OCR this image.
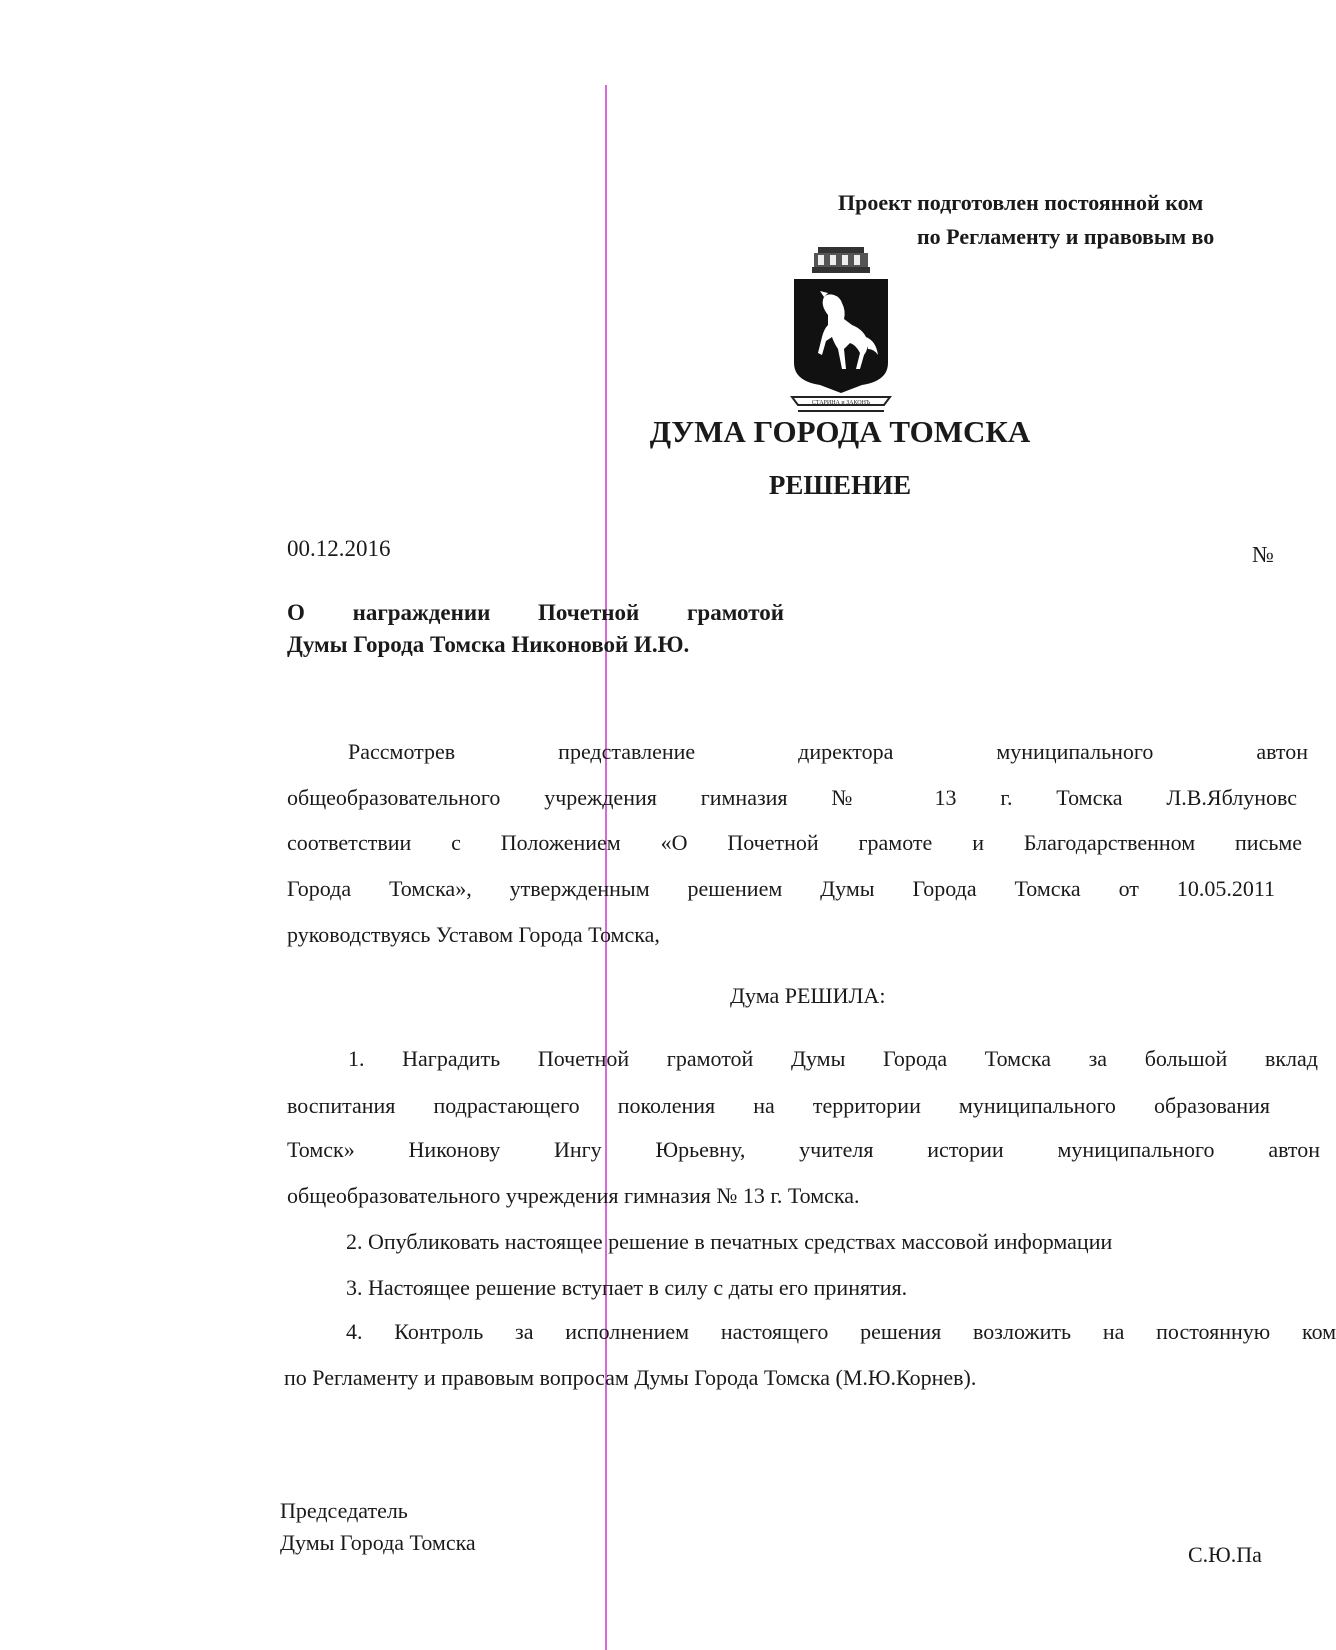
Проект подготовлен постоянной ком
по Регламенту и правовым во
СТАРИНА и ЗАКОНЪ
ДУМА ГОРОДА ТОМСКА
РЕШЕНИЕ
00.12.2016	№
О награждении Почетной грамотой
Думы Города Томска Никоновой И.Ю.
Рассмотрев	представление	директора	муниципального	автон
общеобразовательного учреждения гимназия № 13 г. Томска Л.В.Яблуновс
соответствии с Положением «О Почетной грамоте и Благодарственном письме
Города Томска», утвержденным решением Думы Города Томска от 10.05.2011
руководствуясь Уставом Города Томска,
Дума РЕШИЛА:
1. Наградить Почетной грамотой Думы Города Томска за большой вклад
воспитания подрастающего поколения на территории муниципального образования
Томск» Никонову Ингу Юрьевну, учителя истории муниципального автон
общеобразовательного учреждения гимназия № 13 г. Томска.
2. Опубликовать настоящее решение в печатных средствах массовой информации
3. Настоящее решение вступает в силу с даты его принятия.
4. Контроль за исполнением настоящего решения возложить на постоянную ком
по Регламенту и правовым вопросам Думы Города Томска (М.Ю.Корнев).
Председатель
Думы Города Томска	С.Ю.Па
